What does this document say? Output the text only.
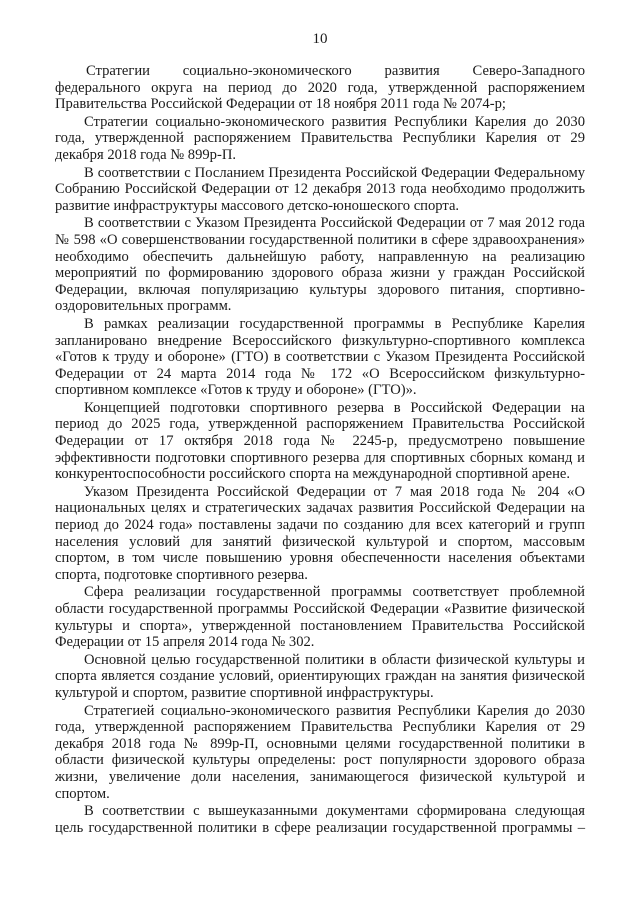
10

Стратегии социально-экономического развития Северо-Западного федерального округа на период до 2020 года, утвержденной распоряжением Правительства Российской Федерации от 18 ноября 2011 года № 2074-р;

Стратегии социально-экономического развития Республики Карелия до 2030 года, утвержденной распоряжением Правительства Республики Карелия от 29 декабря 2018 года № 899р-П.

В соответствии с Посланием Президента Российской Федерации Федеральному Собранию Российской Федерации от 12 декабря 2013 года необходимо продолжить развитие инфраструктуры массового детско-юношеского спорта.

В соответствии с Указом Президента Российской Федерации от 7 мая 2012 года № 598 «О совершенствовании государственной политики в сфере здравоохранения» необходимо обеспечить дальнейшую работу, направленную на реализацию мероприятий по формированию здорового образа жизни у граждан Российской Федерации, включая популяризацию культуры здорового питания, спортивно-оздоровительных программ.

В рамках реализации государственной программы в Республике Карелия запланировано внедрение Всероссийского физкультурно-спортивного комплекса «Готов к труду и обороне» (ГТО) в соответствии с Указом Президента Российской Федерации от 24 марта 2014 года № 172 «О Всероссийском физкультурно-спортивном комплексе «Готов к труду и обороне» (ГТО)».

Концепцией подготовки спортивного резерва в Российской Федерации на период до 2025 года, утвержденной распоряжением Правительства Российской Федерации от 17 октября 2018 года № 2245-р, предусмотрено повышение эффективности подготовки спортивного резерва для спортивных сборных команд и конкурентоспособности российского спорта на международной спортивной арене.

Указом Президента Российской Федерации от 7 мая 2018 года № 204 «О национальных целях и стратегических задачах развития Российской Федерации на период до 2024 года» поставлены задачи по созданию для всех категорий и групп населения условий для занятий физической культурой и спортом, массовым спортом, в том числе повышению уровня обеспеченности населения объектами спорта, подготовке спортивного резерва.

Сфера реализации государственной программы соответствует проблемной области государственной программы Российской Федерации «Развитие физической культуры и спорта», утвержденной постановлением Правительства Российской Федерации от 15 апреля 2014 года № 302.

Основной целью государственной политики в области физической культуры и спорта является создание условий, ориентирующих граждан на занятия физической культурой и спортом, развитие спортивной инфраструктуры.

Стратегией социально-экономического развития Республики Карелия до 2030 года, утвержденной распоряжением Правительства Республики Карелия от 29 декабря 2018 года № 899р-П, основными целями государственной политики в области физической культуры определены: рост популярности здорового образа жизни, увеличение доли населения, занимающегося физической культурой и спортом.

В соответствии с вышеуказанными документами сформирована следующая цель государственной политики в сфере реализации государственной программы –
